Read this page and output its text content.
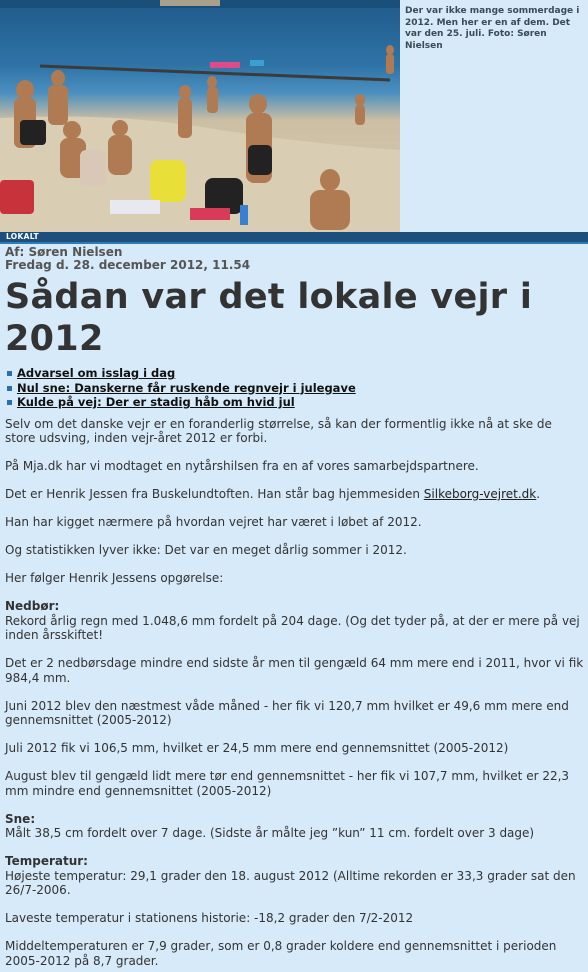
Der var ikke mange sommerdage i 2012. Men her er en af dem. Det var den 25. juli. Foto: Søren Nielsen
LOKALT
Af: Søren Nielsen
Fredag d. 28. december 2012, 11.54
Sådan var det lokale vejr i 2012
Advarsel om isslag i dag
Nul sne: Danskerne får ruskende regnvejr i julegave
Kulde på vej: Der er stadig håb om hvid jul

Selv om det danske vejr er en foranderlig størrelse, så kan der formentlig ikke nå at ske de store udsving, inden vejr-året 2012 er forbi.

På Mja.dk har vi modtaget en nytårshilsen fra en af vores samarbejdspartnere.

Det er Henrik Jessen fra Buskelundtoften. Han står bag hjemmesiden Silkeborg-vejret.dk.

Han har kigget nærmere på hvordan vejret har været i løbet af 2012.

Og statistikken lyver ikke: Det var en meget dårlig sommer i 2012.

Her følger Henrik Jessens opgørelse:

Nedbør:

Rekord årlig regn med 1.048,6 mm fordelt på 204 dage. (Og det tyder på, at der er mere på vej inden årsskiftet!

Det er 2 nedbørsdage mindre end sidste år men til gengæld 64 mm mere end i 2011, hvor vi fik 984,4 mm.

Juni 2012 blev den næstmest våde måned - her fik vi 120,7 mm hvilket er 49,6 mm mere end gennemsnittet (2005-2012)

Juli 2012 fik vi 106,5 mm, hvilket er 24,5 mm mere end gennemsnittet (2005-2012)

August blev til gengæld lidt mere tør end gennemsnittet - her fik vi 107,7 mm, hvilket er 22,3 mm mindre end gennemsnittet (2005-2012)

Sne:

Målt 38,5 cm fordelt over 7 dage. (Sidste år målte jeg ”kun” 11 cm. fordelt over 3 dage)

Temperatur:

Højeste temperatur: 29,1 grader den 18. august 2012 (Alltime rekorden er 33,3 grader sat den 26/7-2006.

Laveste temperatur i stationens historie: -18,2 grader den 7/2-2012

Middeltemperaturen er 7,9 grader, som er 0,8 grader koldere end gennemsnittet i perioden 2005-2012 på 8,7 grader.
